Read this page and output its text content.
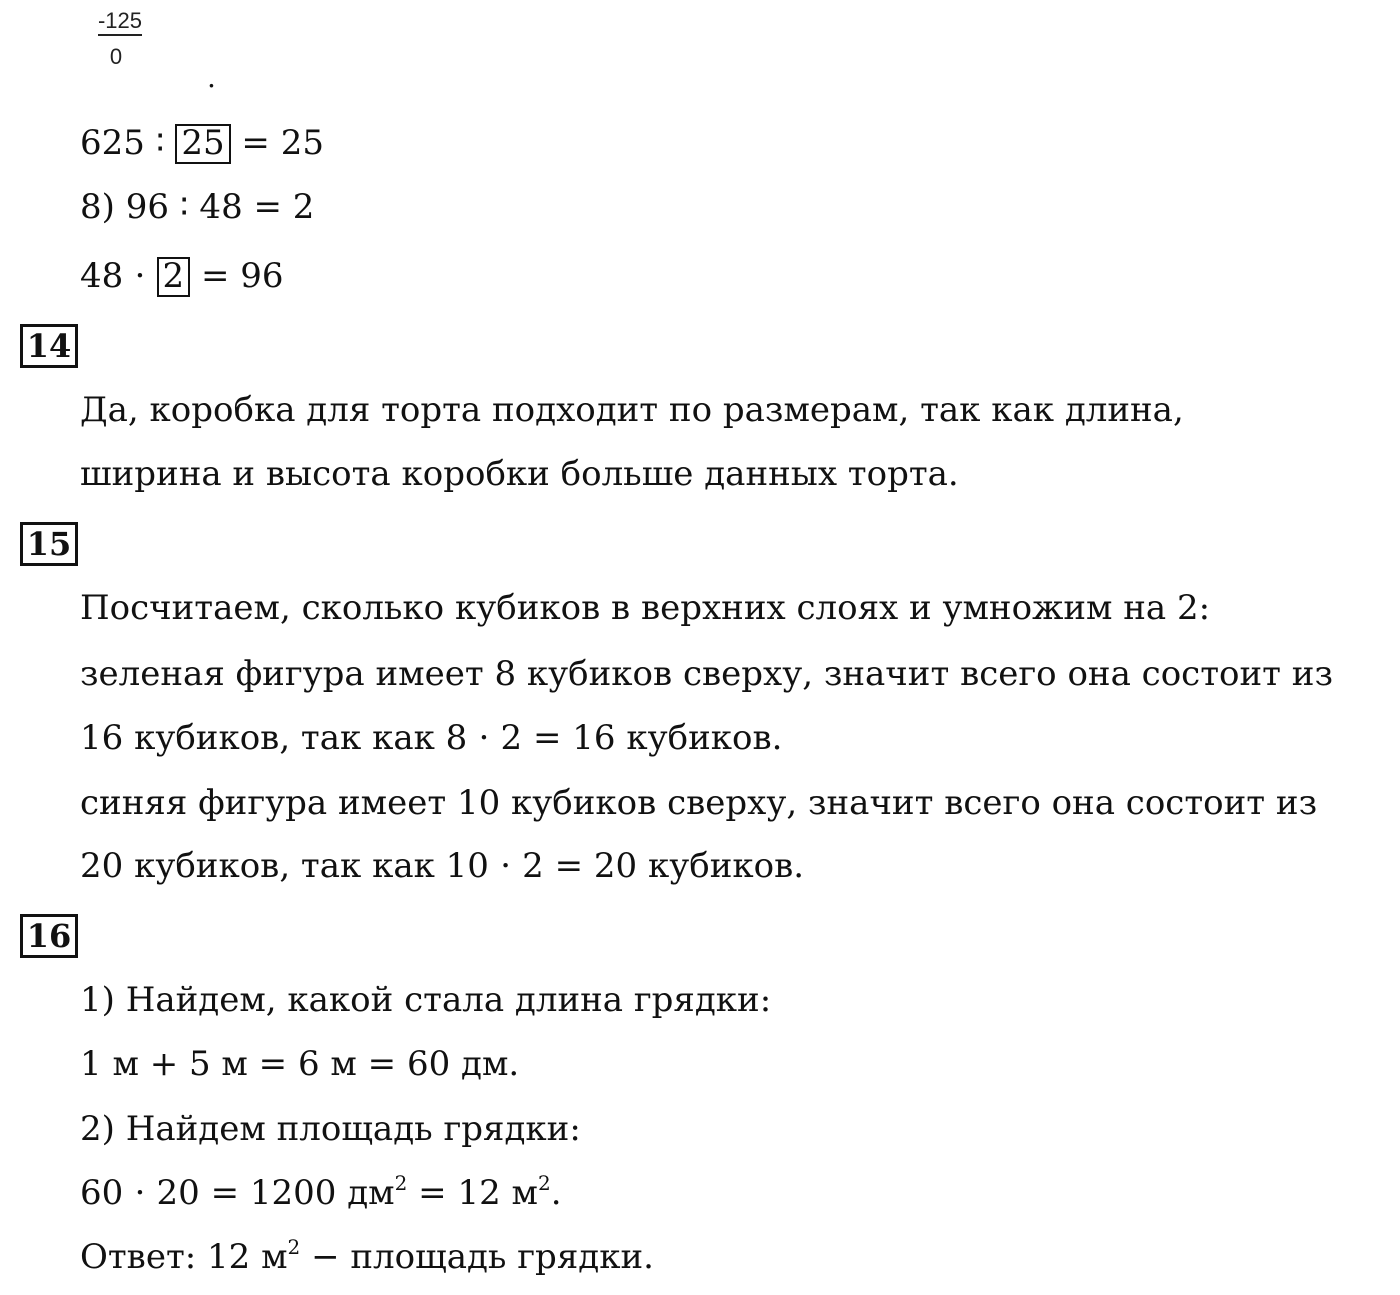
-125
0
.
625 ∶ 25 = 25
8) 96 ∶ 48 = 2
48 ⋅ 2 = 96
14
Да, коробка для торта подходит по размерам, так как длина,
ширина и высота коробки больше данных торта.
15
Посчитаем, сколько кубиков в верхних слоях и умножим на 2:
зеленая фигура имеет 8 кубиков сверху, значит всего она состоит из
16 кубиков, так как 8 ⋅ 2 = 16 кубиков.
синяя фигура имеет 10 кубиков сверху, значит всего она состоит из
20 кубиков, так как 10 ⋅ 2 = 20 кубиков.
16
1) Найдем, какой стала длина грядки:
1 м + 5 м = 6 м = 60 дм.
2) Найдем площадь грядки:
60 ⋅ 20 = 1200 $дм^2 = 12$ $м^2$.
Ответ: 12 $м^2$ − площадь грядки.
